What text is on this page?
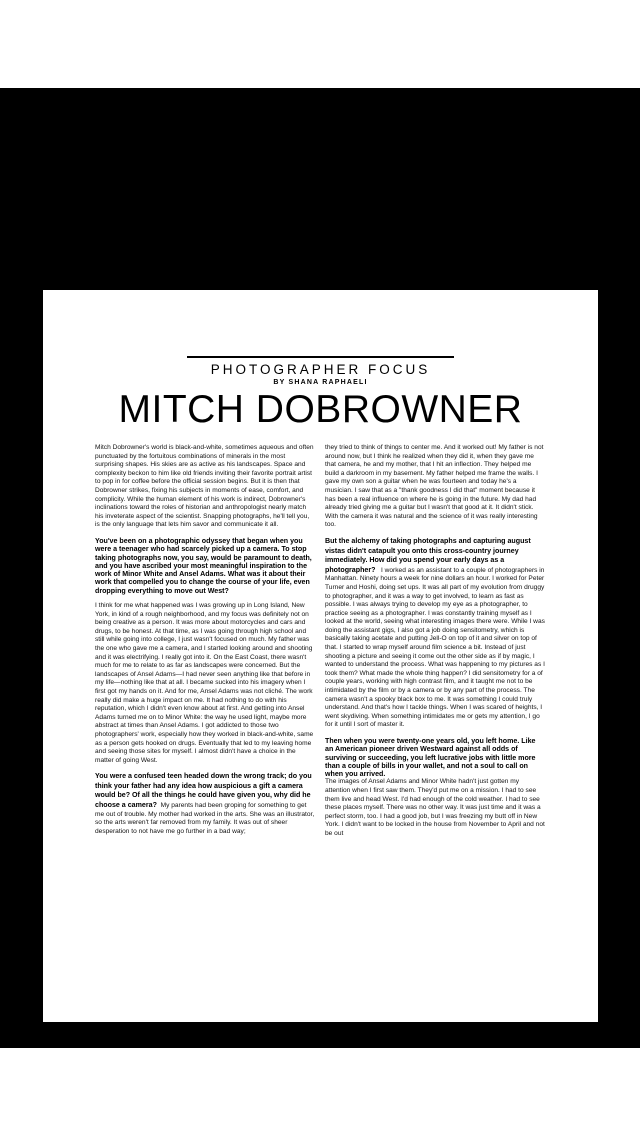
PHOTOGRAPHER FOCUS
BY SHANA RAPHAELI
MITCH DOBROWNER

Mitch Dobrowner's world is black-and-white, sometimes aqueous and often punctuated by the fortuitous combinations of minerals in the most surprising shapes. His skies are as active as his landscapes. Space and complexity beckon to him like old friends inviting their favorite portrait artist to pop in for coffee before the official session begins. But it is then that Dobrowner strikes, fixing his subjects in moments of ease, comfort, and complicity. While the human element of his work is indirect, Dobrowner's inclinations toward the roles of historian and anthropologist nearly match his inveterate aspect of the scientist. Snapping photographs, he'll tell you, is the only language that lets him savor and communicate it all.

You've been on a photographic odyssey that began when you were a teenager who had scarcely picked up a camera. To stop taking photographs now, you say, would be paramount to death, and you have ascribed your most meaningful inspiration to the work of Minor White and Ansel Adams. What was it about their work that compelled you to change the course of your life, even dropping everything to move out West?

I think for me what happened was I was growing up in Long Island, New York, in kind of a rough neighborhood, and my focus was definitely not on being creative as a person. It was more about motorcycles and cars and drugs, to be honest. At that time, as I was going through high school and still while going into college, I just wasn't focused on much. My father was the one who gave me a camera, and I started looking around and shooting and it was electrifying. I really got into it. On the East Coast, there wasn't much for me to relate to as far as landscapes were concerned. But the landscapes of Ansel Adams—I had never seen anything like that before in my life—nothing like that at all. I became sucked into his imagery when I first got my hands on it. And for me, Ansel Adams was not cliché. The work really did make a huge impact on me. It had nothing to do with his reputation, which I didn't even know about at first. And getting into Ansel Adams turned me on to Minor White: the way he used light, maybe more abstract at times than Ansel Adams. I got addicted to those two photographers' work, especially how they worked in black-and-white, same as a person gets hooked on drugs. Eventually that led to my leaving home and seeing those sites for myself. I almost didn't have a choice in the matter of going West.

You were a confused teen headed down the wrong track; do you think your father had any idea how auspicious a gift a camera would be? Of all the things he could have given you, why did he choose a camera? My parents had been groping for something to get me out of trouble. My mother had worked in the arts. She was an illustrator, so the arts weren't far removed from my family. It was out of sheer desperation to not have me go further in a bad way;

they tried to think of things to center me. And it worked out! My father is not around now, but I think he realized when they did it, when they gave me that camera, he and my mother, that I hit an inflection. They helped me build a darkroom in my basement. My father helped me frame the walls. I gave my own son a guitar when he was fourteen and today he's a musician. I saw that as a "thank goodness I did that" moment because it has been a real influence on where he is going in the future. My dad had already tried giving me a guitar but I wasn't that good at it. It didn't stick. With the camera it was natural and the science of it was really interesting too.

But the alchemy of taking photographs and capturing august vistas didn't catapult you onto this cross-country journey immediately. How did you spend your early days as a photographer? I worked as an assistant to a couple of photographers in Manhattan. Ninety hours a week for nine dollars an hour. I worked for Peter Turner and Hoshi, doing set ups. It was all part of my evolution from druggy to photographer, and it was a way to get involved, to learn as fast as possible. I was always trying to develop my eye as a photographer, to practice seeing as a photographer. I was constantly training myself as I looked at the world, seeing what interesting images there were. While I was doing the assistant gigs, I also got a job doing sensitometry, which is basically taking acetate and putting Jell-O on top of it and silver on top of that. I started to wrap myself around film science a bit. Instead of just shooting a picture and seeing it come out the other side as if by magic, I wanted to understand the process. What was happening to my pictures as I took them? What made the whole thing happen? I did sensitometry for a of couple years, working with high contrast film, and it taught me not to be intimidated by the film or by a camera or by any part of the process. The camera wasn't a spooky black box to me. It was something I could truly understand. And that's how I tackle things. When I was scared of heights, I went skydiving. When something intimidates me or gets my attention, I go for it until I sort of master it.

Then when you were twenty-one years old, you left home. Like an American pioneer driven Westward against all odds of surviving or succeeding, you left lucrative jobs with little more than a couple of bills in your wallet, and not a soul to call on when you arrived.

The images of Ansel Adams and Minor White hadn't just gotten my attention when I first saw them. They'd put me on a mission. I had to see them live and head West. I'd had enough of the cold weather. I had to see these places myself. There was no other way. It was just time and it was a perfect storm, too. I had a good job, but I was freezing my butt off in New York. I didn't want to be locked in the house from November to April and not be out
